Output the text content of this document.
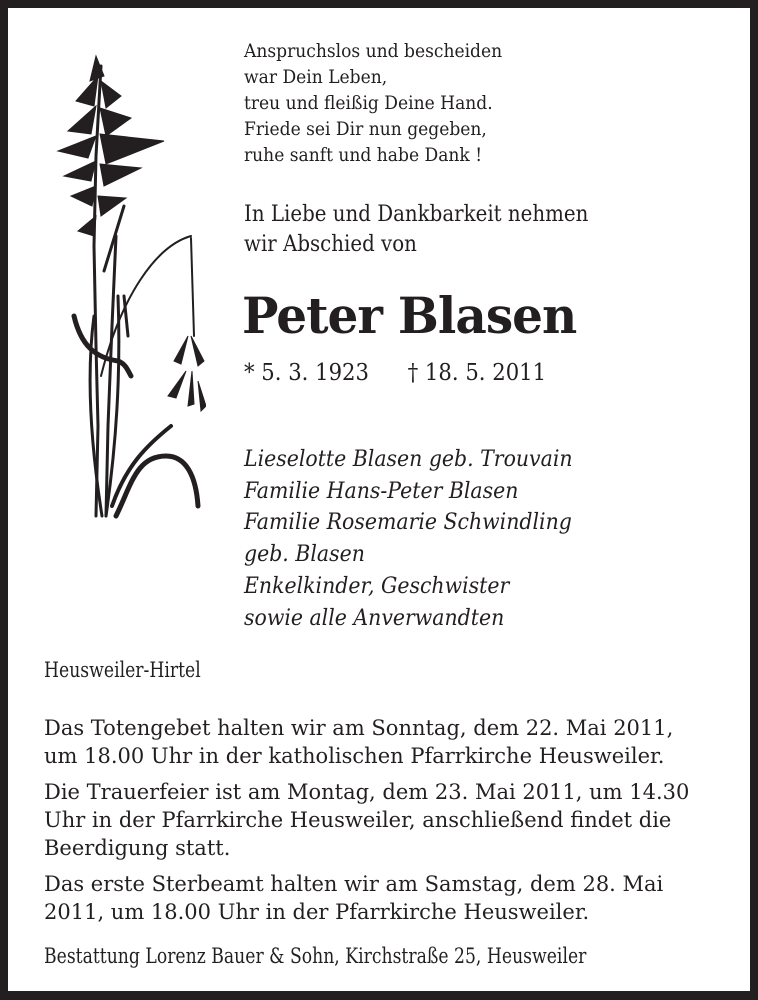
Anspruchslos und bescheiden
war Dein Leben,
treu und fleißig Deine Hand.
Friede sei Dir nun gegeben,
ruhe sanft und habe Dank !
In Liebe und Dankbarkeit nehmen
wir Abschied von
Peter Blasen
* 5. 3. 1923 † 18. 5. 2011
Lieselotte Blasen geb. Trouvain
Familie Hans-Peter Blasen
Familie Rosemarie Schwindling
geb. Blasen
Enkelkinder, Geschwister
sowie alle Anverwandten
Heusweiler-Hirtel

Das Totengebet halten wir am Sonntag, dem 22. Mai 2011,
um 18.00 Uhr in der katholischen Pfarrkirche Heusweiler.

Die Trauerfeier ist am Montag, dem 23. Mai 2011, um 14.30
Uhr in der Pfarrkirche Heusweiler, anschließend findet die
Beerdigung statt.

Das erste Sterbeamt halten wir am Samstag, dem 28. Mai
2011, um 18.00 Uhr in der Pfarrkirche Heusweiler.

Bestattung Lorenz Bauer & Sohn, Kirchstraße 25, Heusweiler
